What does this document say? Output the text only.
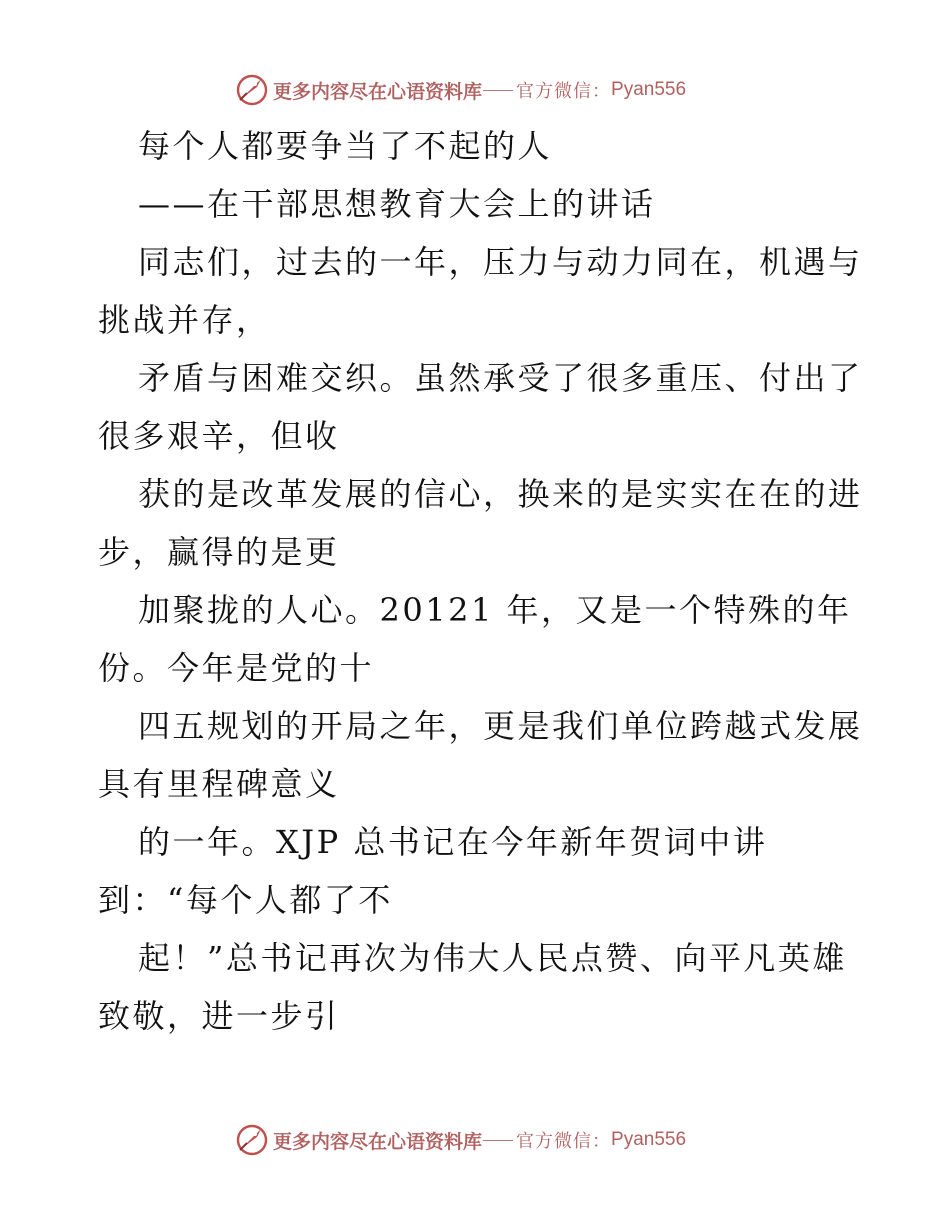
更多内容尽在心语资料库 官方微信： Pyan556
每个人都要争当了不起的人
——在干部思想教育大会上的讲话
同志们，过去的一年，压力与动力同在，机遇与
挑战并存，
矛盾与困难交织。虽然承受了很多重压、付出了
很多艰辛，但收
获的是改革发展的信心，换来的是实实在在的进
步，赢得的是更
加聚拢的人心。20121 年，又是一个特殊的年
份。今年是党的十
四五规划的开局之年，更是我们单位跨越式发展
具有里程碑意义
的一年。XJP 总书记在今年新年贺词中讲
到：“每个人都了不
起！”总书记再次为伟大人民点赞、向平凡英雄
致敬，进一步引
更多内容尽在心语资料库 官方微信： Pyan556
